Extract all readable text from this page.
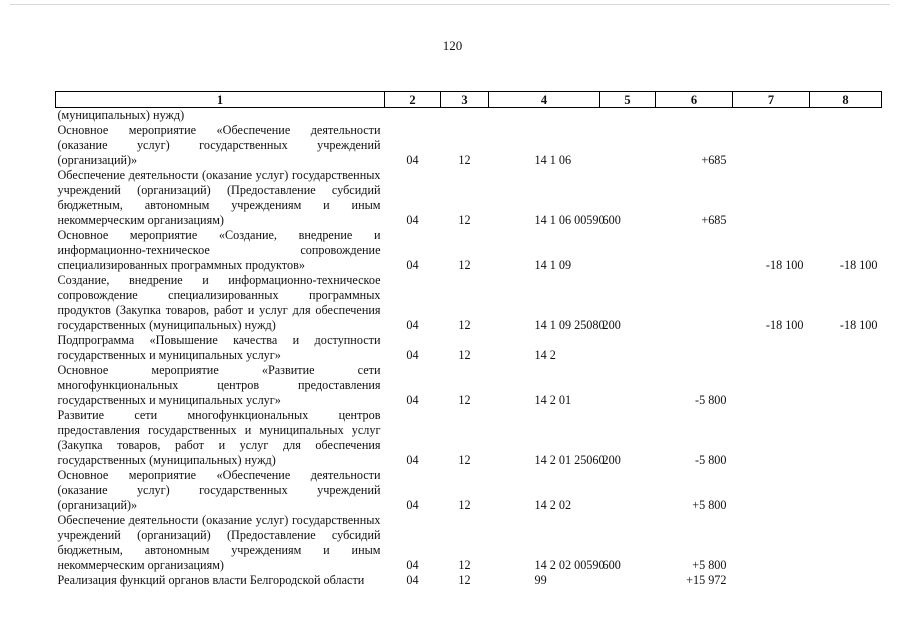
120
1	2	3	4	5	6	7	8
(муниципальных) нужд)							
Основное мероприятие «Обеспечение деятельности (оказание услуг) государственных учреждений (организаций)»	04	12	14 1 06		+685		
Обеспечение деятельности (оказание услуг) государственных учреждений (организаций) (Предоставление субсидий бюджетным, автономным учреждениям и иным некоммерческим организациям)	04	12	14 1 06 00590	600	+685		
Основное мероприятие «Создание, внедрение и информационно-техническое сопровождение специализированных программных продуктов»	04	12	14 1 09			-18 100	-18 100
Создание, внедрение и информационно-техническое сопровождение специализированных программных продуктов (Закупка товаров, работ и услуг для обеспечения государственных (муниципальных) нужд)	04	12	14 1 09 25080	200		-18 100	-18 100
Подпрограмма «Повышение качества и доступности государственных и муниципальных услуг»	04	12	14 2				
Основное мероприятие «Развитие сети многофункциональных центров предоставления государственных и муниципальных услуг»	04	12	14 2 01		-5 800		
Развитие сети многофункциональных центров предоставления государственных и муниципальных услуг (Закупка товаров, работ и услуг для обеспечения государственных (муниципальных) нужд)	04	12	14 2 01 25060	200	-5 800		
Основное мероприятие «Обеспечение деятельности (оказание услуг) государственных учреждений (организаций)»	04	12	14 2 02		+5 800		
Обеспечение деятельности (оказание услуг) государственных учреждений (организаций) (Предоставление субсидий бюджетным, автономным учреждениям и иным некоммерческим организациям)	04	12	14 2 02 00590	600	+5 800		
Реализация функций органов власти Белгородской области	04	12	99		+15 972		
